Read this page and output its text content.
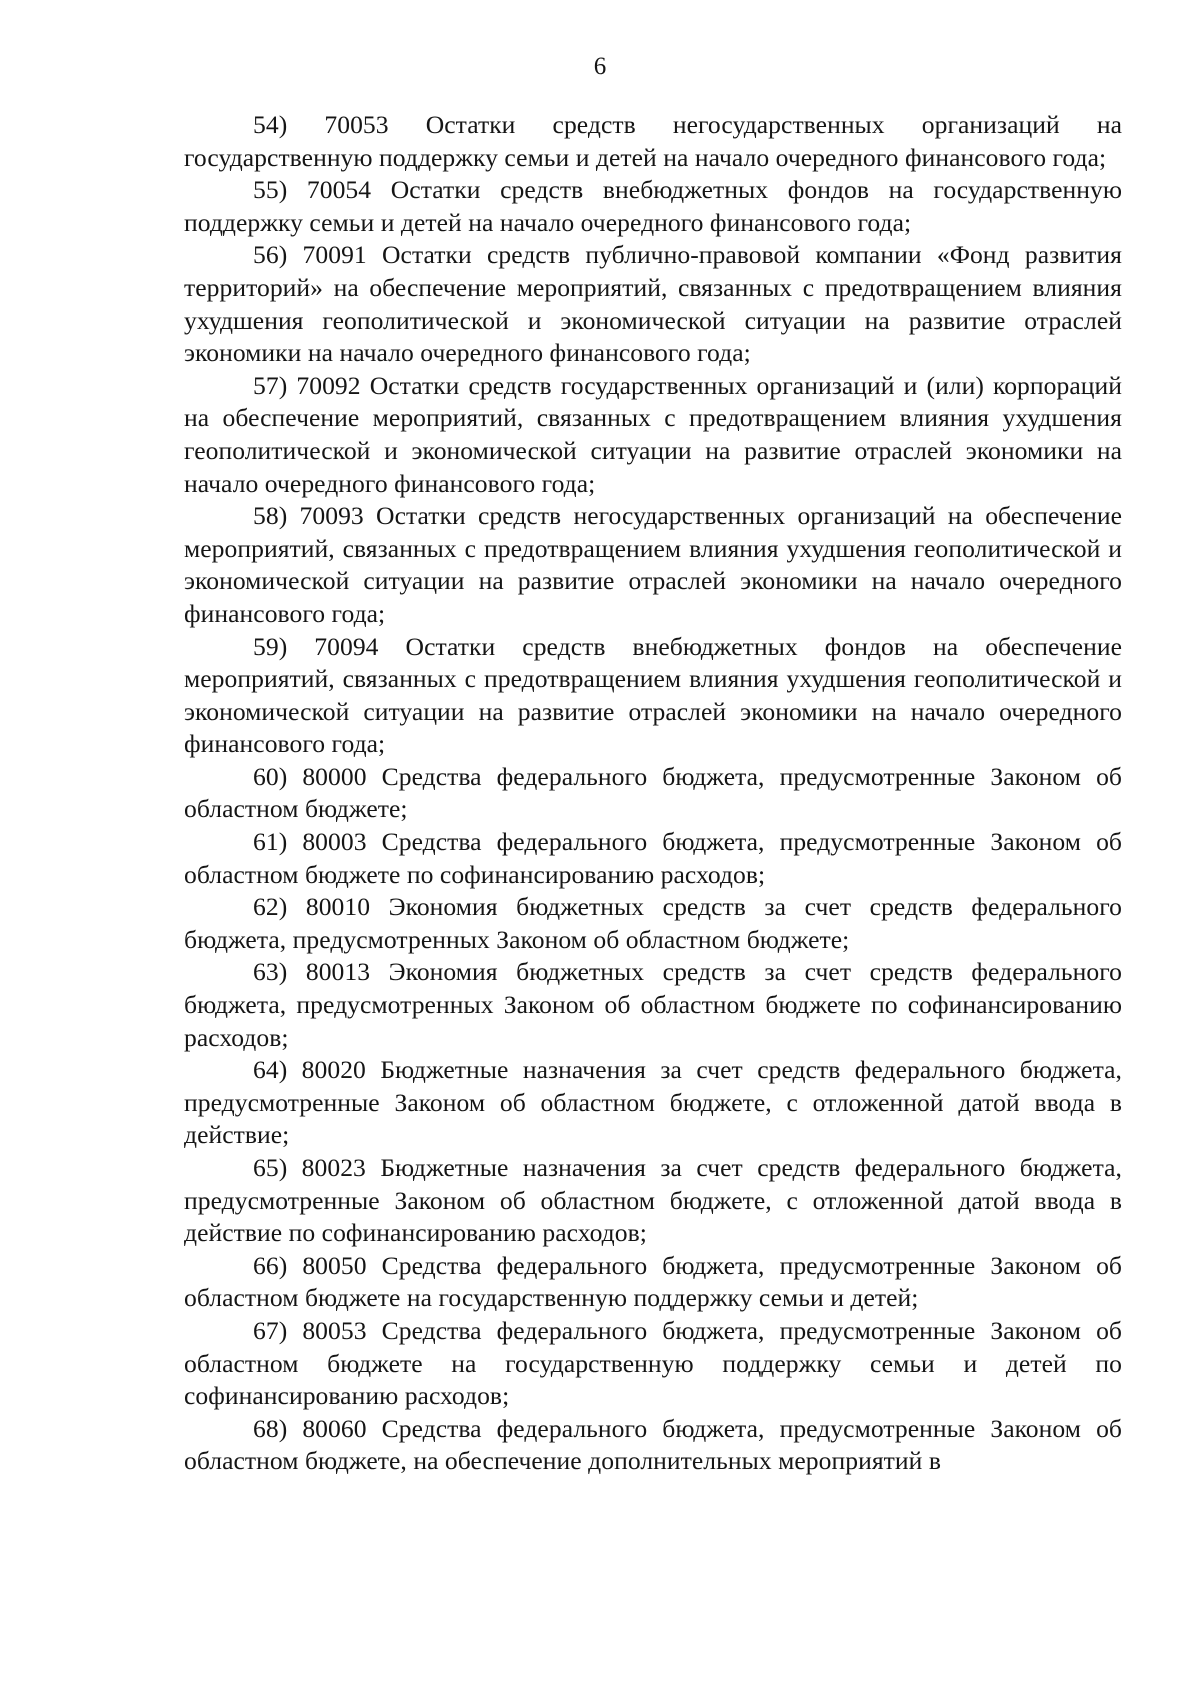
6

54) 70053 Остатки средств негосударственных организаций на государственную поддержку семьи и детей на начало очередного финансового года;

55) 70054 Остатки средств внебюджетных фондов на государственную поддержку семьи и детей на начало очередного финансового года;

56) 70091 Остатки средств публично-правовой компании «Фонд развития территорий» на обеспечение мероприятий, связанных с предотвращением влияния ухудшения геополитической и экономической ситуации на развитие отраслей экономики на начало очередного финансового года;

57) 70092 Остатки средств государственных организаций и (или) корпораций на обеспечение мероприятий, связанных с предотвращением влияния ухудшения геополитической и экономической ситуации на развитие отраслей экономики на начало очередного финансового года;

58) 70093 Остатки средств негосударственных организаций на обеспечение мероприятий, связанных с предотвращением влияния ухудшения геополитической и экономической ситуации на развитие отраслей экономики на начало очередного финансового года;

59) 70094 Остатки средств внебюджетных фондов на обеспечение мероприятий, связанных с предотвращением влияния ухудшения геополитической и экономической ситуации на развитие отраслей экономики на начало очередного финансового года;

60) 80000 Средства федерального бюджета, предусмотренные Законом об областном бюджете;

61) 80003 Средства федерального бюджета, предусмотренные Законом об областном бюджете по софинансированию расходов;

62) 80010 Экономия бюджетных средств за счет средств федерального бюджета, предусмотренных Законом об областном бюджете;

63) 80013 Экономия бюджетных средств за счет средств федерального бюджета, предусмотренных Законом об областном бюджете по софинансированию расходов;

64) 80020 Бюджетные назначения за счет средств федерального бюджета, предусмотренные Законом об областном бюджете, с отложенной датой ввода в действие;

65) 80023 Бюджетные назначения за счет средств федерального бюджета, предусмотренные Законом об областном бюджете, с отложенной датой ввода в действие по софинансированию расходов;

66) 80050 Средства федерального бюджета, предусмотренные Законом об областном бюджете на государственную поддержку семьи и детей;

67) 80053 Средства федерального бюджета, предусмотренные Законом об областном бюджете на государственную поддержку семьи и детей по софинансированию расходов;

68) 80060 Средства федерального бюджета, предусмотренные Законом об областном бюджете, на обеспечение дополнительных мероприятий в
